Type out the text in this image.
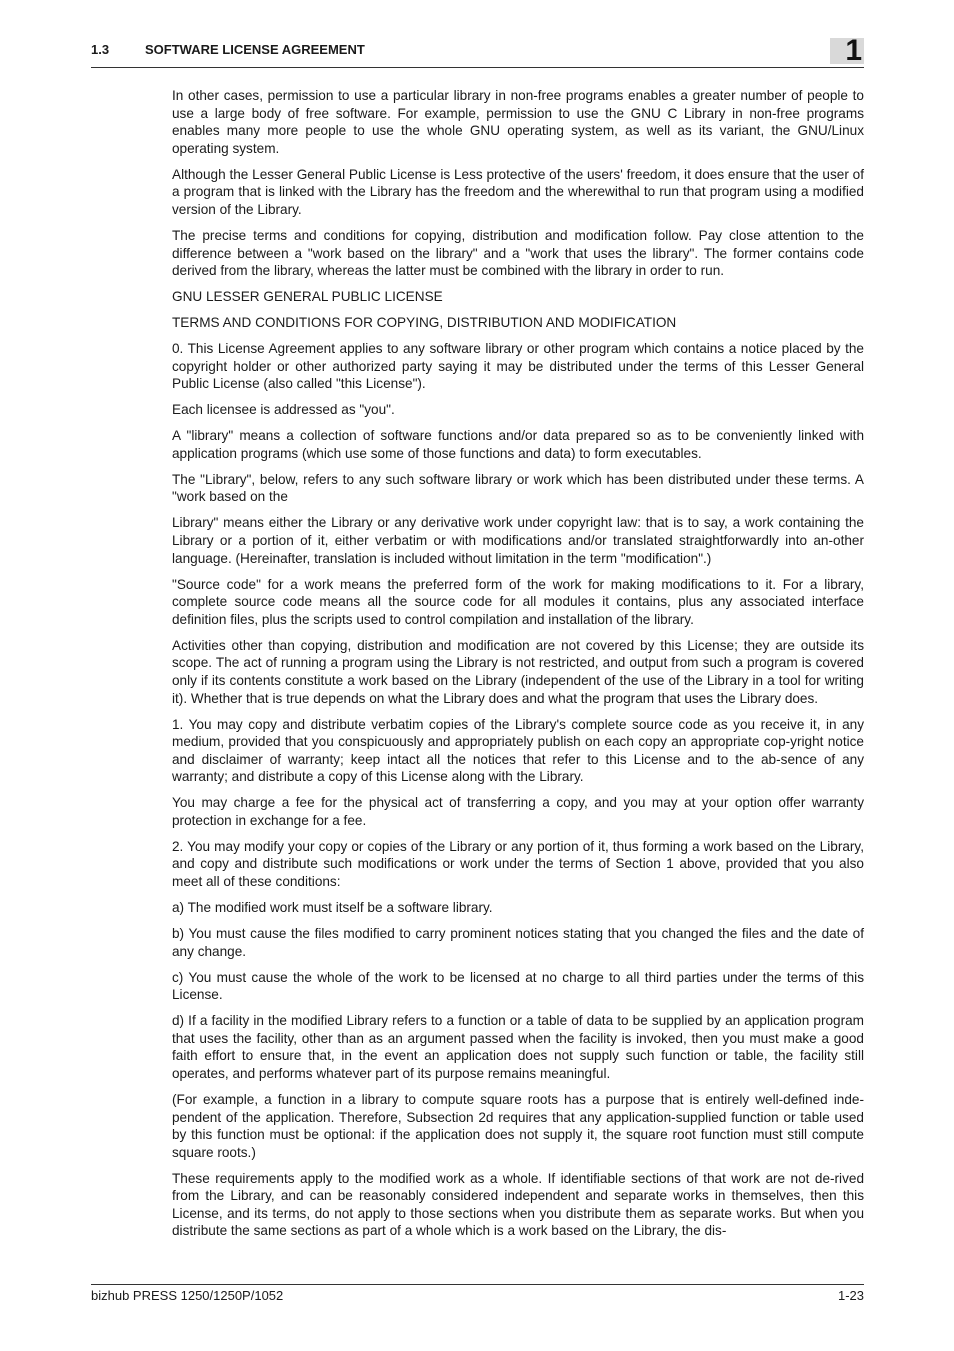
1.3	SOFTWARE LICENSE AGREEMENT	1

In other cases, permission to use a particular library in non-free programs enables a greater number of people to use a large body of free software. For example, permission to use the GNU C Library in non-free programs enables many more people to use the whole GNU operating system, as well as its variant, the GNU/Linux operating system.

Although the Lesser General Public License is Less protective of the users' freedom, it does ensure that the user of a program that is linked with the Library has the freedom and the wherewithal to run that program using a modified version of the Library.

The precise terms and conditions for copying, distribution and modification follow. Pay close attention to the difference between a "work based on the library" and a "work that uses the library". The former contains code derived from the library, whereas the latter must be combined with the library in order to run.

GNU LESSER GENERAL PUBLIC LICENSE

TERMS AND CONDITIONS FOR COPYING, DISTRIBUTION AND MODIFICATION

0. This License Agreement applies to any software library or other program which contains a notice placed by the copyright holder or other authorized party saying it may be distributed under the terms of this Lesser General Public License (also called "this License").

Each licensee is addressed as "you".

A "library" means a collection of software functions and/or data prepared so as to be conveniently linked with application programs (which use some of those functions and data) to form executables.

The "Library", below, refers to any such software library or work which has been distributed under these terms. A "work based on the

Library" means either the Library or any derivative work under copyright law: that is to say, a work containing the Library or a portion of it, either verbatim or with modifications and/or translated straightforwardly into an-other language. (Hereinafter, translation is included without limitation in the term "modification".)

"Source code" for a work means the preferred form of the work for making modifications to it. For a library, complete source code means all the source code for all modules it contains, plus any associated interface definition files, plus the scripts used to control compilation and installation of the library.

Activities other than copying, distribution and modification are not covered by this License; they are outside its scope. The act of running a program using the Library is not restricted, and output from such a program is covered only if its contents constitute a work based on the Library (independent of the use of the Library in a tool for writing it). Whether that is true depends on what the Library does and what the program that uses the Library does.

1. You may copy and distribute verbatim copies of the Library's complete source code as you receive it, in any medium, provided that you conspicuously and appropriately publish on each copy an appropriate cop-yright notice and disclaimer of warranty; keep intact all the notices that refer to this License and to the ab-sence of any warranty; and distribute a copy of this License along with the Library.

You may charge a fee for the physical act of transferring a copy, and you may at your option offer warranty protection in exchange for a fee.

2. You may modify your copy or copies of the Library or any portion of it, thus forming a work based on the Library, and copy and distribute such modifications or work under the terms of Section 1 above, provided that you also meet all of these conditions:

a) The modified work must itself be a software library.

b) You must cause the files modified to carry prominent notices stating that you changed the files and the date of any change.

c) You must cause the whole of the work to be licensed at no charge to all third parties under the terms of this License.

d) If a facility in the modified Library refers to a function or a table of data to be supplied by an application program that uses the facility, other than as an argument passed when the facility is invoked, then you must make a good faith effort to ensure that, in the event an application does not supply such function or table, the facility still operates, and performs whatever part of its purpose remains meaningful.

(For example, a function in a library to compute square roots has a purpose that is entirely well-defined inde-pendent of the application. Therefore, Subsection 2d requires that any application-supplied function or table used by this function must be optional: if the application does not supply it, the square root function must still compute square roots.)

These requirements apply to the modified work as a whole. If identifiable sections of that work are not de-rived from the Library, and can be reasonably considered independent and separate works in themselves, then this License, and its terms, do not apply to those sections when you distribute them as separate works. But when you distribute the same sections as part of a whole which is a work based on the Library, the dis-

bizhub PRESS 1250/1250P/1052	1-23
